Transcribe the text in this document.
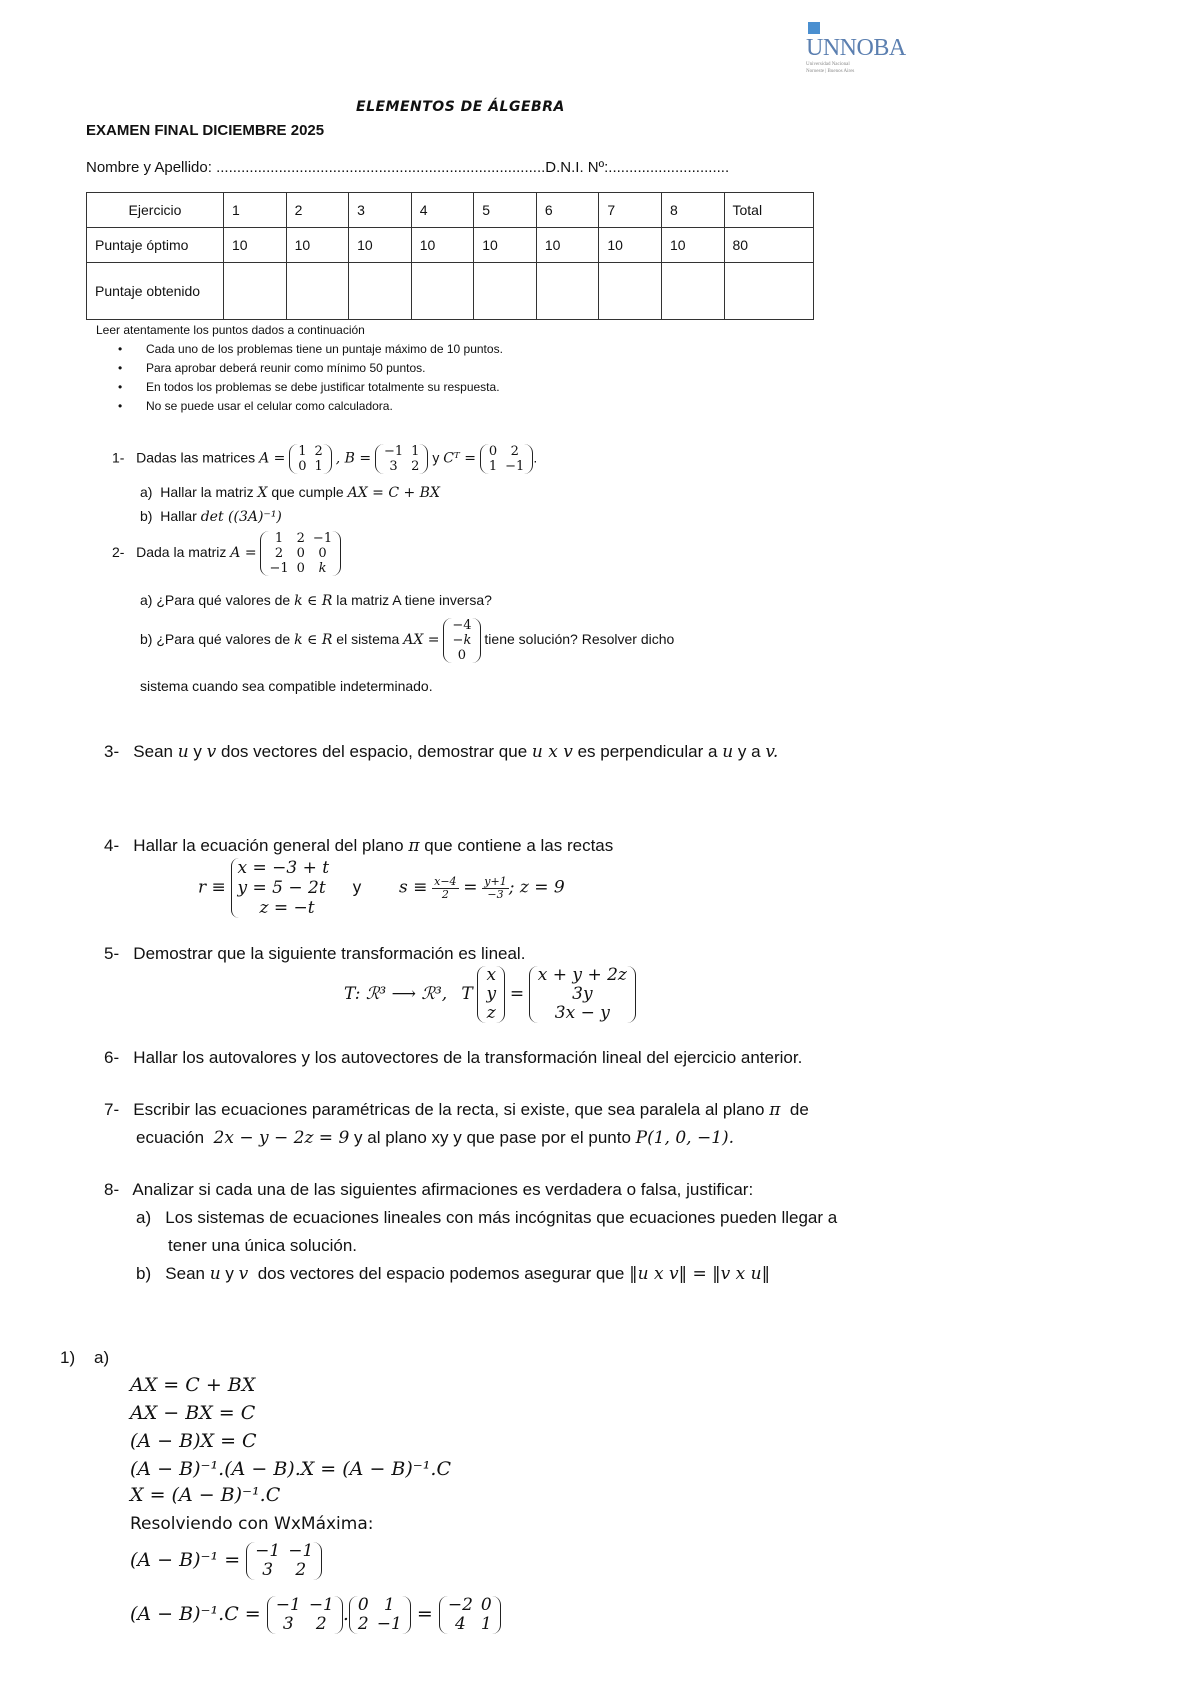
UNNOBA
Universidad Nacional
Noroeste | Buenos Aires
ELEMENTOS DE ÁLGEBRA
EXAMEN FINAL DICIEMBRE 2025
Nombre y Apellido: ...............................................................................D.N.I. Nº:.............................
Ejercicio	1	2	3	4	5	6	7	8	Total
Puntaje óptimo	10	10	10	10	10	10	10	10	80
Puntaje obtenido									
Leer atentamente los puntos dados a continuación
• Cada uno de los problemas tiene un puntaje máximo de 10 puntos.
• Para aprobar deberá reunir como mínimo 50 puntos.
• En todos los problemas se debe justificar totalmente su respuesta.
• No se puede usar el celular como calculadora.
1- Dadas las matrices A = 1	2
0	1 , B = −1	1
3	2
y Cᵀ = 0	2
1	−1
.
a) Hallar la matriz X que cumple AX = C + BX
b) Hallar det ((3A)⁻¹)
2- Dada la matriz A =
1	2	−1
2	0	0
−1	0	k
a) ¿Para qué valores de k ∈ R la matriz A tiene inversa?
b) ¿Para qué valores de k ∈ R el sistema AX =
−4
−k
0
tiene solución? Resolver dicho
sistema cuando sea compatible indeterminado.
3- Sean u y v dos vectores del espacio, demostrar que u x v es perpendicular a u y a v.
4- Hallar la ecuación general del plano π que contiene a las rectas
r ≡
x = −3 + t
y = 5 − 2t
z = −t
y $s \equiv \frac{x-4}{2} = \frac{y+1}{-3}$ ; z = 9
5- Demostrar que la siguiente transformación es lineal.
T: ℛ³ ⟶ ℛ³, T
x
y
z
=
x + y + 2z
3y
3x − y
6- Hallar los autovalores y los autovectores de la transformación lineal del ejercicio anterior.
7- Escribir las ecuaciones paramétricas de la recta, si existe, que sea paralela al plano π de
ecuación 2x − y − 2z = 9 y al plano xy y que pase por el punto P(1, 0, −1).
8- Analizar si cada una de las siguientes afirmaciones es verdadera o falsa, justificar:
a) Los sistemas de ecuaciones lineales con más incógnitas que ecuaciones pueden llegar a
tener una única solución.
b) Sean u y v dos vectores del espacio podemos asegurar que ‖u x v‖ = ‖v x u‖
1) a)
AX = C + BX
AX − BX = C
(A − B)X = C
(A − B)⁻¹.(A − B).X = (A − B)⁻¹.C
X = (A − B)⁻¹.C
Resolviendo con WxMáxima:
(A − B)⁻¹ = −1	−1
3	2
(A − B)⁻¹.C = −1	−1
3	2 . 0	1
2	−1 = −2	0
4	1
